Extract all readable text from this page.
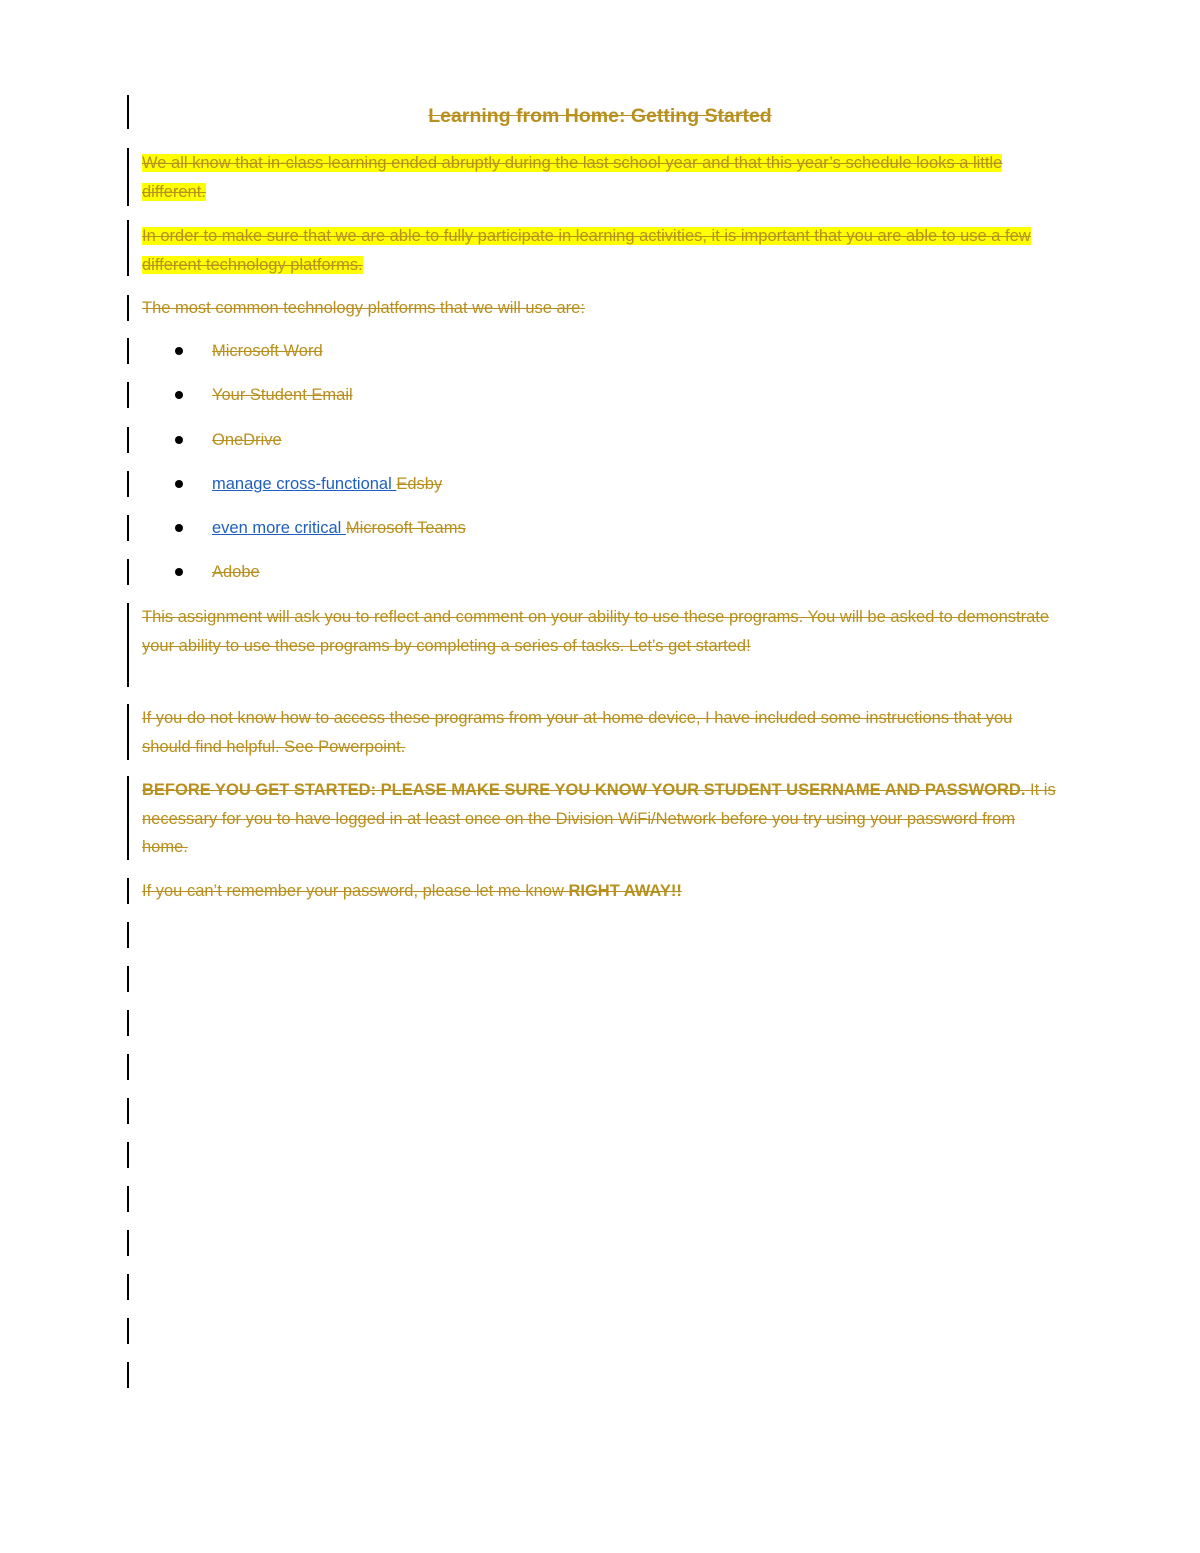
Learning from Home: Getting Started

We all know that in-class learning ended abruptly during the last school year and that this year’s schedule looks a little different.

In order to make sure that we are able to fully participate in learning activities, it is important that you are able to use a few different technology platforms.

The most common technology platforms that we will use are:

Microsoft Word
Your Student Email
OneDrive
manage cross-functional Edsby
even more critical Microsoft Teams
Adobe

This assignment will ask you to reflect and comment on your ability to use these programs. You will be asked to demonstrate your ability to use these programs by completing a series of tasks. Let’s get started!

If you do not know how to access these programs from your at-home device, I have included some instructions that you should find helpful. See Powerpoint.

BEFORE YOU GET STARTED: PLEASE MAKE SURE YOU KNOW YOUR STUDENT USERNAME AND PASSWORD. It is necessary for you to have logged in at least once on the Division WiFi/Network before you try using your password from home.

If you can’t remember your password, please let me know RIGHT AWAY!!
